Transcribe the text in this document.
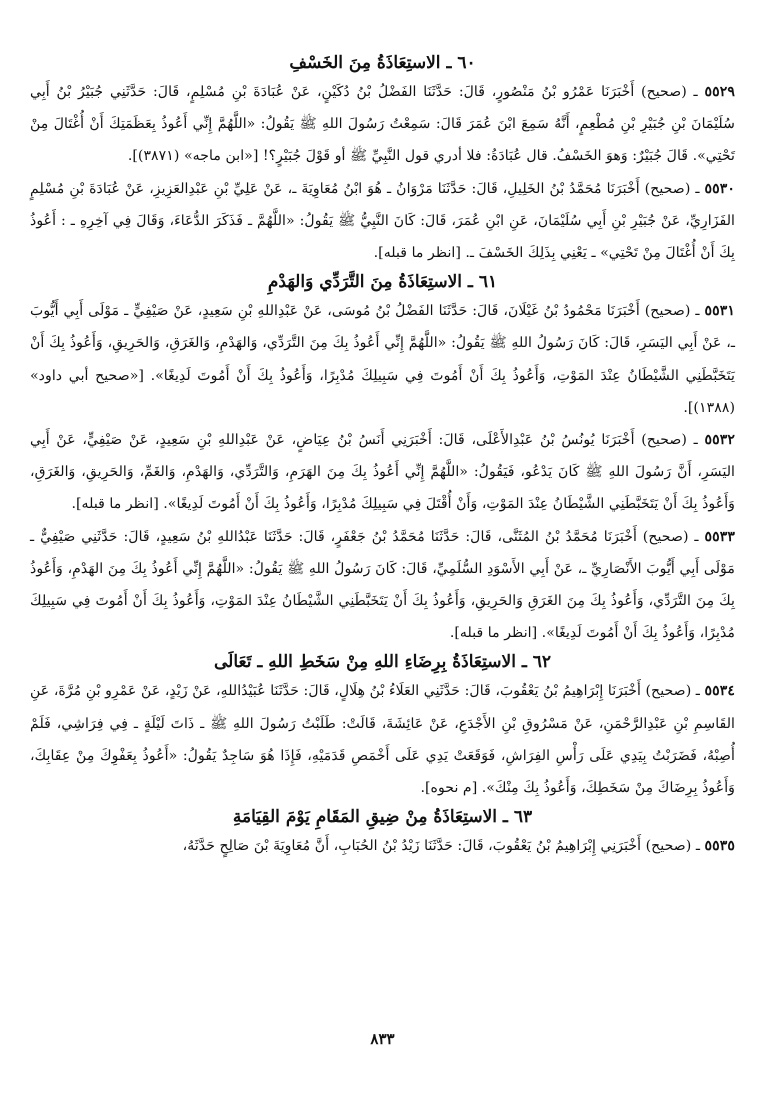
٦٠ ـ الاستِعَاذَةُ مِنَ الخَسْفِ

٥٥٢٩ ـ (صحيح) أَخْبَرَنَا عَمْرُو بْنُ مَنْصُورٍ، قَالَ: حَدَّثَنَا الفَضْلُ بْنُ دُكَيْنٍ، عَنْ عُبَادَةَ بْنِ مُسْلِمٍ، قَالَ: حَدَّثَنِي جُبَيْرُ بْنُ أَبِي سُلَيْمَانَ بْنِ جُبَيْرِ بْنِ مُطْعِمٍ، أَنَّهُ سَمِعَ ابْنَ عُمَرَ قَالَ: سَمِعْتُ رَسُولَ اللهِ ﷺ يَقُولُ: «اللَّهُمَّ إِنِّي أَعُوذُ بِعَظَمَتِكَ أَنْ أُغْتَالَ مِنْ تَحْتِي». قَالَ جُبَيْرٌ: وَهوَ الخَسْفُ. قال عُبَادَةُ: فلا أدري قول النَّبِيِّ ﷺ أو قَوْلَ جُبَيْرٍ؟! [«ابن ماجه» (٣٨٧١)].

٥٥٣٠ ـ (صحيح) أَخْبَرَنَا مُحَمَّدُ بْنُ الخَلِيلِ، قَالَ: حَدَّثَنَا مَرْوَانُ ـ هُوَ ابْنُ مُعَاوِيَةَ ـ، عَنْ عَلِيِّ بْنِ عَبْدِالعَزِيزِ، عَنْ عُبَادَةَ بْنِ مُسْلِمٍ الفَزَارِيِّ، عَنْ جُبَيْرِ بْنِ أَبِي سُلَيْمَانَ، عَنِ ابْنِ عُمَرَ، قَالَ: كَانَ النَّبِيُّ ﷺ يَقُولُ: «اللَّهُمَّ ـ فَذَكَرَ الدُّعَاءَ، وَقَالَ فِي آخِرِهِ ـ : أَعُوذُ بِكَ أَنْ أُغْتَالَ مِنْ تَحْتِي» ـ يَعْنِي بِذَلِكَ الخَسْفَ ـ. [انظر ما قبله].

٦١ ـ الاستِعَاذَةُ مِنَ التَّرَدِّي وَالهَدْمِ

٥٥٣١ ـ (صحيح) أَخْبَرَنَا مَحْمُودُ بْنُ غَيْلَانَ، قَالَ: حَدَّثَنَا الفَضْلُ بْنُ مُوسَى، عَنْ عَبْدِاللهِ بْنِ سَعِيدٍ، عَنْ صَيْفِيٍّ ـ مَوْلَى أَبِي أَيُّوبَ ـ، عَنْ أَبِي اليَسَرِ، قَالَ: كَانَ رَسُولُ اللهِ ﷺ يَقُولُ: «اللَّهُمَّ إِنِّي أَعُوذُ بِكَ مِنَ التَّرَدِّي، وَالهَدْمِ، وَالغَرَقِ، وَالحَرِيقِ، وَأَعُوذُ بِكَ أَنْ يَتَخَبَّطَنِي الشَّيْطَانُ عِنْدَ المَوْتِ، وَأَعُوذُ بِكَ أَنْ أَمُوتَ فِي سَبِيلِكَ مُدْبِرًا، وَأَعُوذُ بِكَ أَنْ أَمُوتَ لَدِيغًا». [«صحيح أبي داود» (١٣٨٨)].

٥٥٣٢ ـ (صحيح) أَخْبَرَنَا يُونُسُ بْنُ عَبْدِالأَعْلَى، قَالَ: أَخْبَرَنِي أَنَسُ بْنُ عِيَاضٍ، عَنْ عَبْدِاللهِ بْنِ سَعِيدٍ، عَنْ صَيْفِيٍّ، عَنْ أَبِي اليَسَرِ، أَنَّ رَسُولَ اللهِ ﷺ كَانَ يَدْعُو، فَيَقُولُ: «اللَّهُمَّ إِنِّي أَعُوذُ بِكَ مِنَ الهَرَمِ، وَالتَّرَدِّي، وَالهَدْمِ، وَالغَمِّ، وَالحَرِيقِ، وَالغَرَقِ، وَأَعُوذُ بِكَ أَنْ يَتَخَبَّطَنِي الشَّيْطَانُ عِنْدَ المَوْتِ، وَأَنْ أُقْتَلَ فِي سَبِيلِكَ مُدْبِرًا، وَأَعُوذُ بِكَ أَنْ أَمُوتَ لَدِيغًا». [انظر ما قبله].

٥٥٣٣ ـ (صحيح) أَخْبَرَنَا مُحَمَّدُ بْنُ المُثَنَّى، قَالَ: حَدَّثَنَا مُحَمَّدُ بْنُ جَعْفَرٍ، قَالَ: حَدَّثَنَا عَبْدُاللهِ بْنُ سَعِيدٍ، قَالَ: حَدَّثَنِي صَيْفِيٌّ ـ مَوْلَى أَبِي أَيُّوبَ الأَنْصَارِيِّ ـ، عَنْ أَبِي الأَسْوَدِ السُّلَمِيِّ، قَالَ: كَانَ رَسُولُ اللهِ ﷺ يَقُولُ: «اللَّهُمَّ إِنِّي أَعُوذُ بِكَ مِنَ الهَدْمِ، وَأَعُوذُ بِكَ مِنَ التَّرَدِّي، وَأَعُوذُ بِكَ مِنَ الغَرَقِ وَالحَرِيقِ، وَأَعُوذُ بِكَ أَنْ يَتَخَبَّطَنِي الشَّيْطَانُ عِنْدَ المَوْتِ، وَأَعُوذُ بِكَ أَنْ أَمُوتَ فِي سَبِيلِكَ مُدْبِرًا، وَأَعُوذُ بِكَ أَنْ أَمُوتَ لَدِيغًا». [انظر ما قبله].

٦٢ ـ الاستِعَاذَةُ بِرِضَاءِ اللهِ مِنْ سَخَطِ اللهِ ـ تَعَالَى

٥٥٣٤ ـ (صحيح) أَخْبَرَنَا إِبْرَاهِيمُ بْنُ يَعْقُوبَ، قَالَ: حَدَّثَنِي العَلَاءُ بْنُ هِلَالٍ، قَالَ: حَدَّثَنَا عُبَيْدُاللهِ، عَنْ زَيْدٍ، عَنْ عَمْرِو بْنِ مُرَّةَ، عَنِ القَاسِمِ بْنِ عَبْدِالرَّحْمَنِ، عَنْ مَسْرُوقِ بْنِ الأَجْدَعِ، عَنْ عَائِشَةَ، قَالَتْ: طَلَبْتُ رَسُولَ اللهِ ﷺ ـ ذَاتَ لَيْلَةٍ ـ فِي فِرَاشِي، فَلَمْ أُصِبْهُ، فَضَرَبْتُ بِيَدِي عَلَى رَأْسِ الفِرَاشِ، فَوَقَعَتْ يَدِي عَلَى أَخْمَصِ قَدَمَيْهِ، فَإِذَا هُوَ سَاجِدٌ يَقُولُ: «أَعُوذُ بِعَفْوِكَ مِنْ عِقَابِكَ، وَأَعُوذُ بِرِضَاكَ مِنْ سَخَطِكَ، وَأَعُوذُ بِكَ مِنْكَ». [م نحوه].

٦٣ ـ الاستِعَاذَةُ مِنْ ضِيقِ المَقَامِ يَوْمَ القِيَامَةِ

٥٥٣٥ ـ (صحيح) أَخْبَرَنِي إِبْرَاهِيمُ بْنُ يَعْقُوبَ، قَالَ: حَدَّثَنَا زَيْدُ بْنُ الحُبَابِ، أَنَّ مُعَاوِيَةَ بْنَ صَالِحٍ حَدَّثَهُ،

٨٣٣
